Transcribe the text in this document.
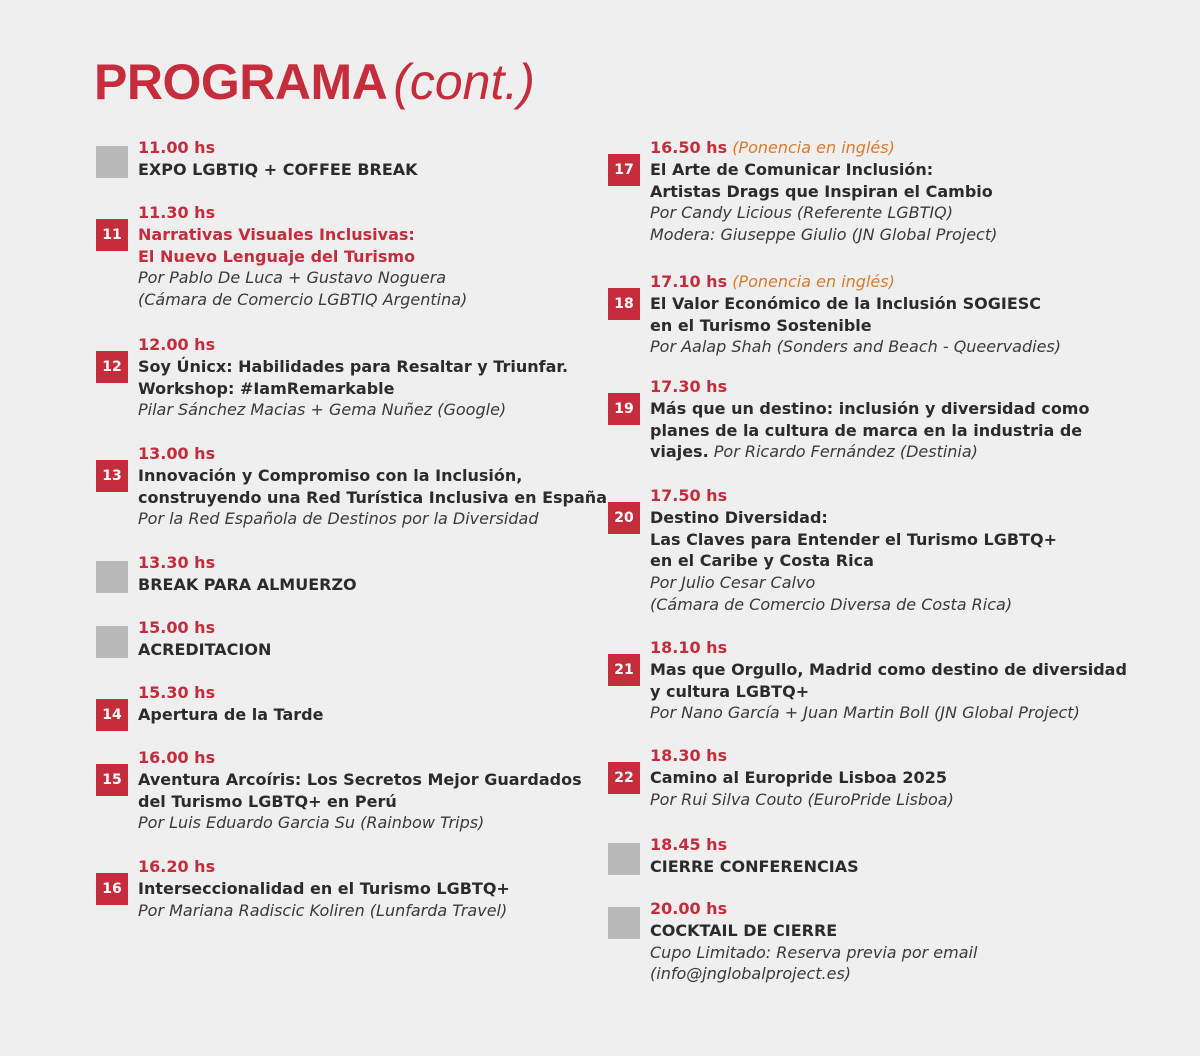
PROGRAMA (cont.)
11.00 hs
EXPO LGBTIQ + COFFEE BREAK
11
11.30 hs
Narrativas Visuales Inclusivas:
El Nuevo Lenguaje del Turismo
Por Pablo De Luca + Gustavo Noguera
(Cámara de Comercio LGBTIQ Argentina)
12
12.00 hs
Soy Únicx: Habilidades para Resaltar y Triunfar.
Workshop: #IamRemarkable
Pilar Sánchez Macias + Gema Nuñez (Google)
13
13.00 hs
Innovación y Compromiso con la Inclusión,
construyendo una Red Turística Inclusiva en España
Por la Red Española de Destinos por la Diversidad
13.30 hs
BREAK PARA ALMUERZO
15.00 hs
ACREDITACION
14
15.30 hs
Apertura de la Tarde
15
16.00 hs
Aventura Arcoíris: Los Secretos Mejor Guardados
del Turismo LGBTQ+ en Perú
Por Luis Eduardo Garcia Su (Rainbow Trips)
16
16.20 hs
Interseccionalidad en el Turismo LGBTQ+
Por Mariana Radiscic Koliren (Lunfarda Travel)
17
16.50 hs (Ponencia en inglés)
El Arte de Comunicar Inclusión:
Artistas Drags que Inspiran el Cambio
Por Candy Licious (Referente LGBTIQ)
Modera: Giuseppe Giulio (JN Global Project)
18
17.10 hs (Ponencia en inglés)
El Valor Económico de la Inclusión SOGIESC
en el Turismo Sostenible
Por Aalap Shah (Sonders and Beach - Queervadies)
19
17.30 hs
Más que un destino: inclusión y diversidad como
planes de la cultura de marca en la industria de
viajes. Por Ricardo Fernández (Destinia)
20
17.50 hs
Destino Diversidad:
Las Claves para Entender el Turismo LGBTQ+
en el Caribe y Costa Rica
Por Julio Cesar Calvo
(Cámara de Comercio Diversa de Costa Rica)
21
18.10 hs
Mas que Orgullo, Madrid como destino de diversidad
y cultura LGBTQ+
Por Nano García + Juan Martin Boll (JN Global Project)
22
18.30 hs
Camino al Europride Lisboa 2025
Por Rui Silva Couto (EuroPride Lisboa)
18.45 hs
CIERRE CONFERENCIAS
20.00 hs
COCKTAIL DE CIERRE
Cupo Limitado: Reserva previa por email
(info@jnglobalproject.es)
